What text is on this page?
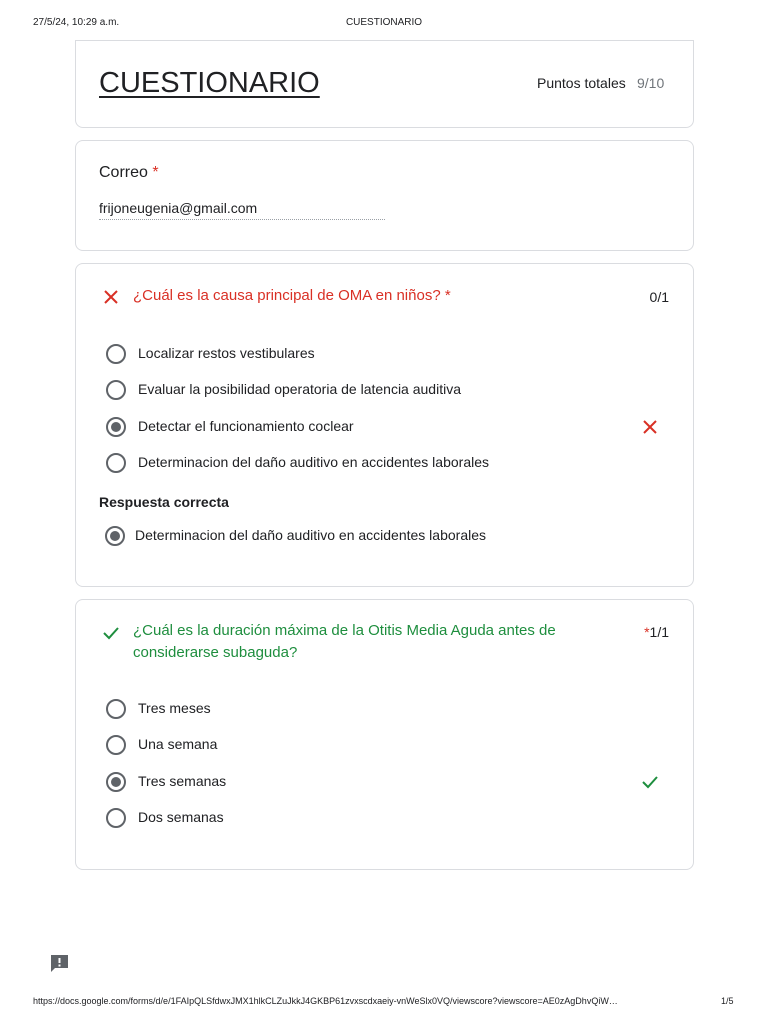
27/5/24, 10:29 a.m.	CUESTIONARIO
CUESTIONARIO	Puntos totales 9/10
Correo *
frijoneugenia@gmail.com
¿Cuál es la causa principal de OMA en niños? *	0/1
Localizar restos vestibulares
Evaluar la posibilidad operatoria de latencia auditiva
Detectar el funcionamiento coclear
Determinacion del daño auditivo en accidentes laborales
Respuesta correcta
Determinacion del daño auditivo en accidentes laborales
¿Cuál es la duración máxima de la Otitis Media Aguda antes de considerarse subaguda?
*1/1
Tres meses
Una semana
Tres semanas
Dos semanas
https://docs.google.com/forms/d/e/1FAIpQLSfdwxJMX1hlkCLZuJkkJ4GKBP61zvxscdxaeiy-vnWeSlx0VQ/viewscore?viewscore=AE0zAgDhvQiW…	1/5
